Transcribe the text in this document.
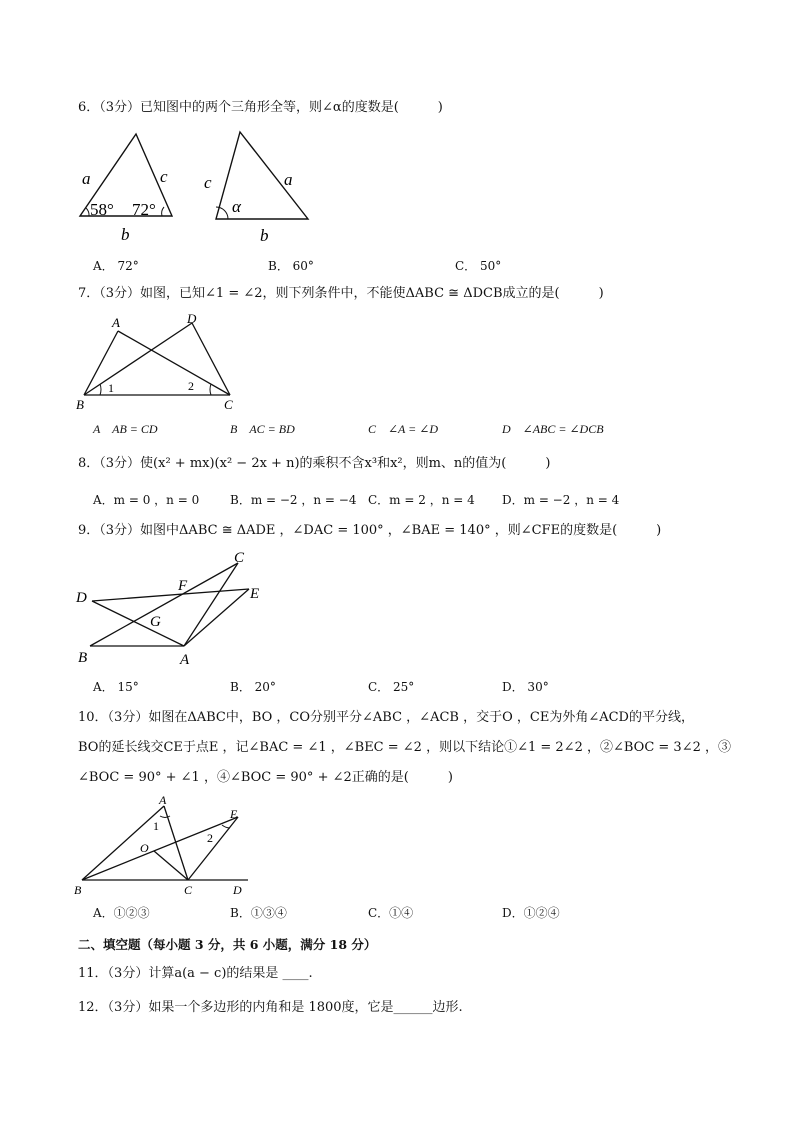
6．（3分）已知图中的两个三角形全等，则∠α的度数是(　　　)
a	c
58° 72°
b
c	a
α
b
A． 72°	B． 60°	C． 50°
7．（3分）如图，已知∠1 = ∠2，则下列条件中，不能使ΔABC ≅ ΔDCB成立的是(　　　)
A	D
B	C
1	2
A　AB = CD	B　AC = BD	C　∠A = ∠D	D　∠ABC = ∠DCB
8．（3分）使(x² + mx)(x² − 2x + n)的乘积不含x³和x²，则m、n的值为(　　　)
A．m = 0 ，n = 0	B．m = −2 ，n = −4 C．m = 2 ，n = 4 D．m = −2 ，n = 4
9．（3分）如图中ΔABC ≅ ΔADE ，∠DAC = 100° ，∠BAE = 140° ，则∠CFE的度数是(　　　)
C
F
D	E
G
B	A
A． 15°	B． 20°	C． 25°	D． 30°
10．（3分）如图在ΔABC中，BO ，CO分别平分∠ABC ，∠ACB ，交于O ，CE为外角∠ACD的平分线，
BO的延长线交CE于点E ，记∠BAC = ∠1 ，∠BEC = ∠2 ，则以下结论①∠1 = 2∠2 ，②∠BOC = 3∠2 ，③
∠BOC = 90° + ∠1 ，④∠BOC = 90° + ∠2正确的是(　　　)
A
E
1
2
O
B	C	D
A．①②③	B．①③④	C．①④	D．①②④
二、填空题（每小题 3 分，共 6 小题，满分 18 分）
11．（3分）计算a(a − c)的结果是 ____.
12．（3分）如果一个多边形的内角和是 1800度，它是______边形.
